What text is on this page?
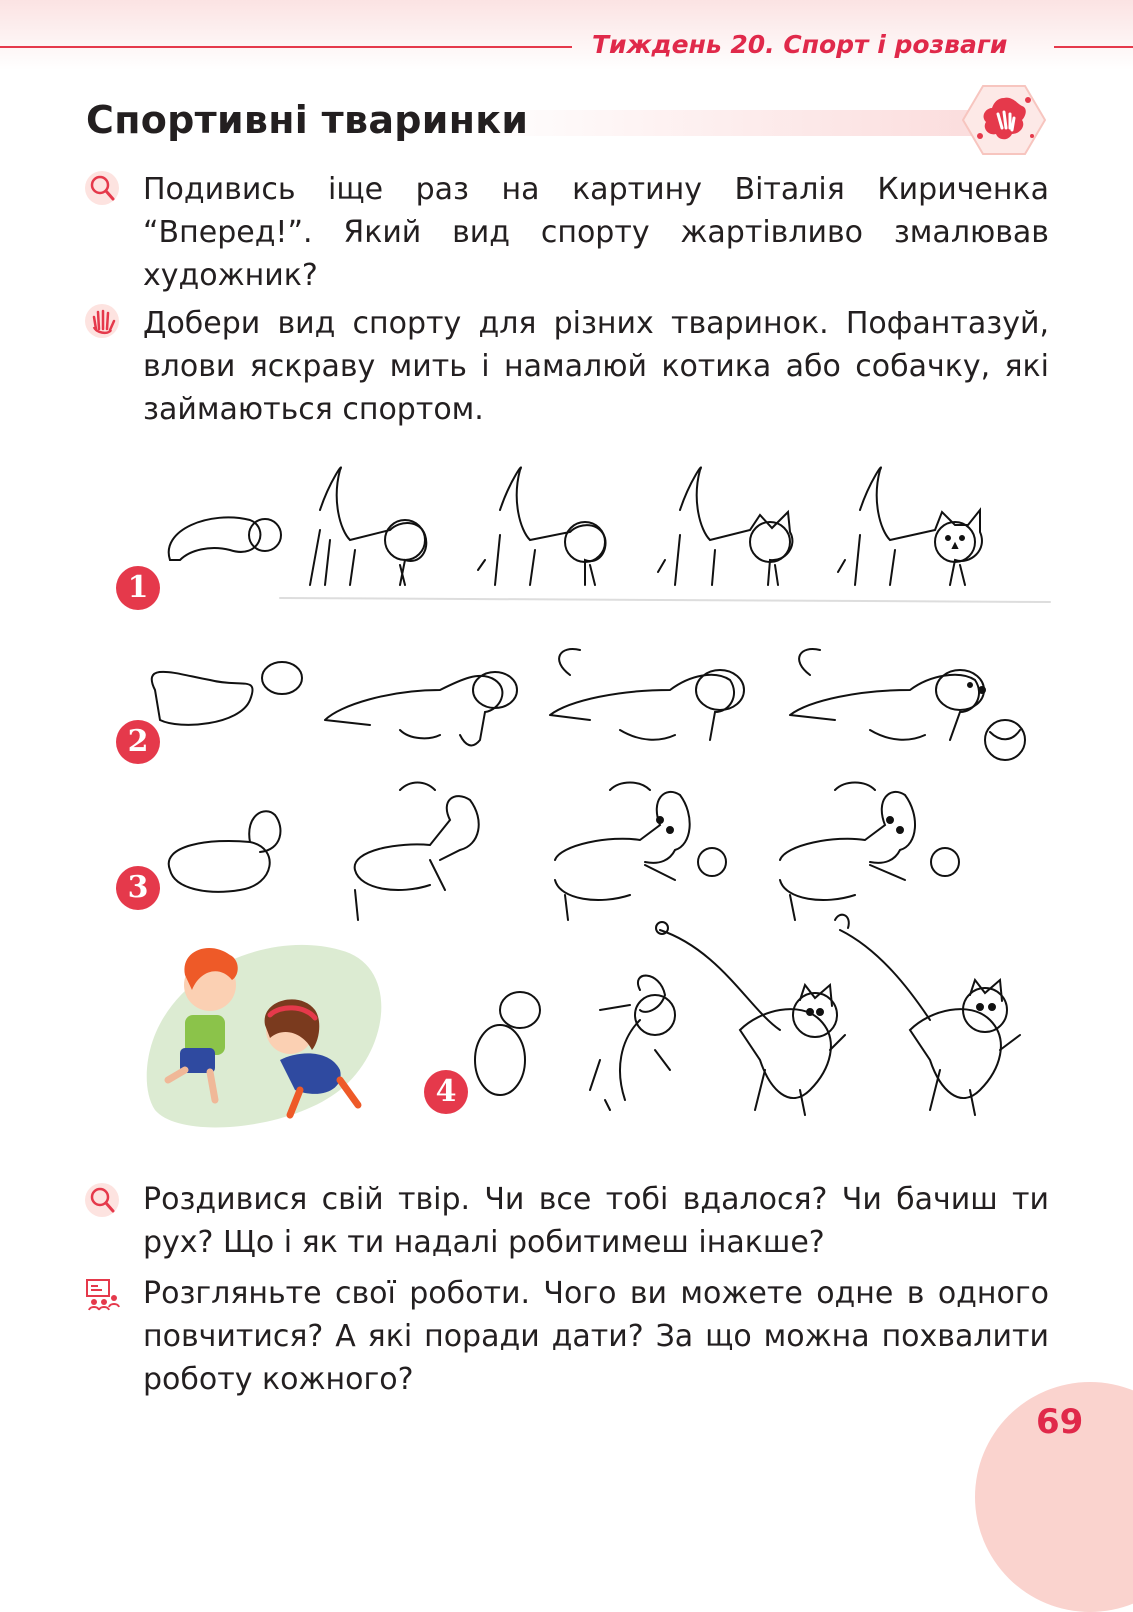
Тиждень 20. Спорт і розваги
Спортивні тваринки
Подивись іще раз на картину Віталія Кириченка “Вперед!”. Який вид спорту жартівливо змалював художник?
Добери вид спорту для різних тваринок. Пофантазуй, влови яскраву мить і намалюй котика або собачку, які займаються спортом.
1
2
3
4
Роздивися свій твір. Чи все тобі вдалося? Чи бачиш ти рух? Що і як ти надалі робитимеш інакше?
Розгляньте свої роботи. Чого ви можете одне в одного повчитися? А які поради дати? За що можна похвалити роботу кожного?
69
